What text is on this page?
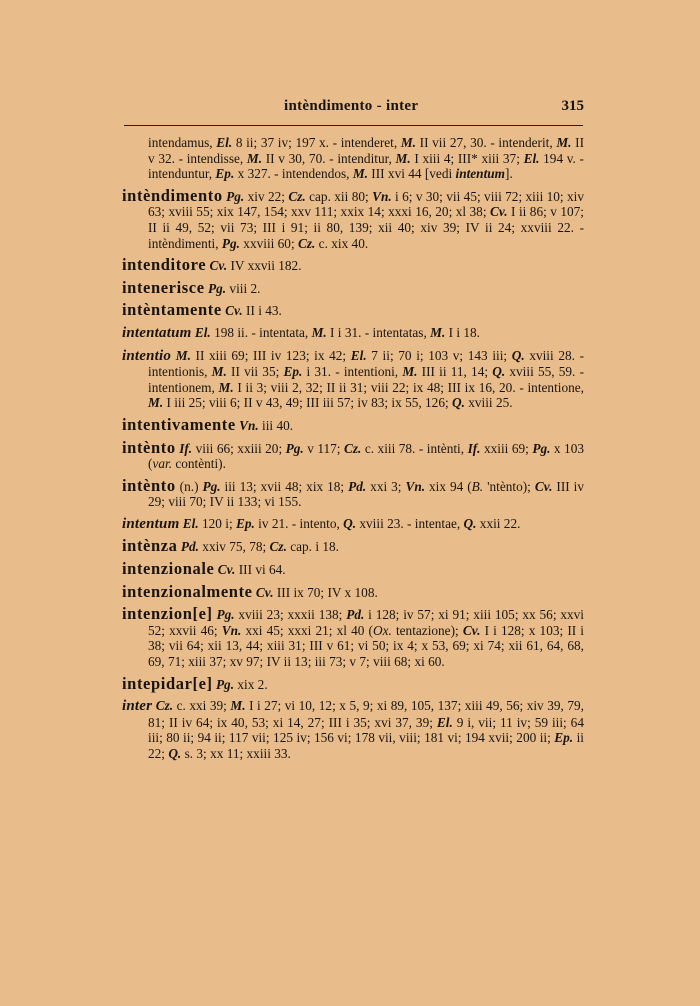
intèndimento - inter	315
intendamus, El. 8 ii; 37 iv; 197 x. - intenderet, M. II vii 27, 30. - intenderit, M. II v 32. - intendisse, M. II v 30, 70. - intenditur, M. I xiii 4; III* xiii 37; El. 194 v. - intenduntur, Ep. x 327. - intendendos, M. III xvi 44 [vedi intentum].
intèndimento Pg. xiv 22; Cz. cap. xii 80; Vn. i 6; v 30; vii 45; viii 72; xiii 10; xiv 63; xviii 55; xix 147, 154; xxv 111; xxix 14; xxxi 16, 20; xl 38; Cv. I ii 86; v 107; II ii 49, 52; vii 73; III i 91; ii 80, 139; xii 40; xiv 39; IV ii 24; xxviii 22. - intèndimenti, Pg. xxviii 60; Cz. c. xix 40.
intenditore Cv. IV xxvii 182.
intenerisce Pg. viii 2.
intèntamente Cv. II i 43.
intentatum El. 198 ii. - intentata, M. I i 31. - intentatas, M. I i 18.
intentio M. II xiii 69; III iv 123; ix 42; El. 7 ii; 70 i; 103 v; 143 iii; Q. xviii 28. - intentionis, M. II vii 35; Ep. i 31. - intentioni, M. III ii 11, 14; Q. xviii 55, 59. - intentionem, M. I ii 3; viii 2, 32; II ii 31; viii 22; ix 48; III ix 16, 20. - intentione, M. I iii 25; viii 6; II v 43, 49; III iii 57; iv 83; ix 55, 126; Q. xviii 25.
intentivamente Vn. iii 40.
intènto If. viii 66; xxiii 20; Pg. v 117; Cz. c. xiii 78. - intènti, If. xxiii 69; Pg. x 103 (var. contènti).
intènto (n.) Pg. iii 13; xvii 48; xix 18; Pd. xxi 3; Vn. xix 94 (B. 'ntènto); Cv. III iv 29; viii 70; IV ii 133; vi 155.
intentum El. 120 i; Ep. iv 21. - intento, Q. xviii 23. - intentae, Q. xxii 22.
intènza Pd. xxiv 75, 78; Cz. cap. i 18.
intenzionale Cv. III vi 64.
intenzionalmente Cv. III ix 70; IV x 108.
intenzion[e] Pg. xviii 23; xxxii 138; Pd. i 128; iv 57; xi 91; xiii 105; xx 56; xxvi 52; xxvii 46; Vn. xxi 45; xxxi 21; xl 40 (Ox. tentazione); Cv. I i 128; x 103; II i 38; vii 64; xii 13, 44; xiii 31; III v 61; vi 50; ix 4; x 53, 69; xi 74; xii 61, 64, 68, 69, 71; xiii 37; xv 97; IV ii 13; iii 73; v 7; viii 68; xi 60.
intepidar[e] Pg. xix 2.
inter Cz. c. xxi 39; M. I i 27; vi 10, 12; x 5, 9; xi 89, 105, 137; xiii 49, 56; xiv 39, 79, 81; II iv 64; ix 40, 53; xi 14, 27; III i 35; xvi 37, 39; El. 9 i, vii; 11 iv; 59 iii; 64 iii; 80 ii; 94 ii; 117 vii; 125 iv; 156 vi; 178 vii, viii; 181 vi; 194 xvii; 200 ii; Ep. ii 22; Q. s. 3; xx 11; xxiii 33.
